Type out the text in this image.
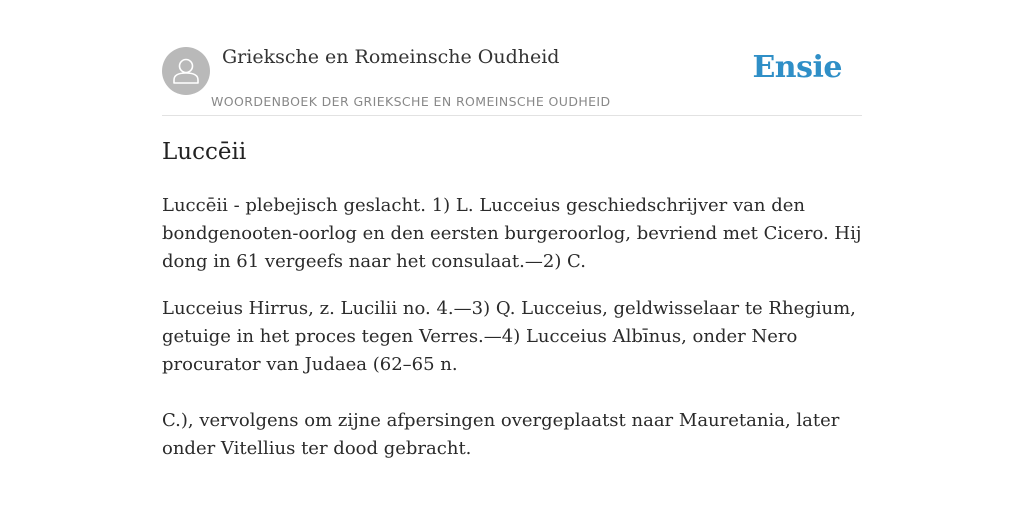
Grieksche en Romeinsche Oudheid
WOORDENBOEK DER GRIEKSCHE EN ROMEINSCHE OUDHEID
Ensie
Luccēii

Luccēii - plebejisch geslacht. 1) L. Lucceius geschiedschrijver van den bondgenooten-oorlog en den eersten burgeroorlog, bevriend met Cicero. Hij dong in 61 vergeefs naar het consulaat.—2) C.

Lucceius Hirrus, z. Lucilii no. 4.—3) Q. Lucceius, geldwisselaar te Rhegium, getuige in het proces tegen Verres.—4) Lucceius Albīnus, onder Nero procurator van Judaea (62–65 n.

C.), vervolgens om zijne afpersingen overgeplaatst naar Mauretania, later onder Vitellius ter dood gebracht.
